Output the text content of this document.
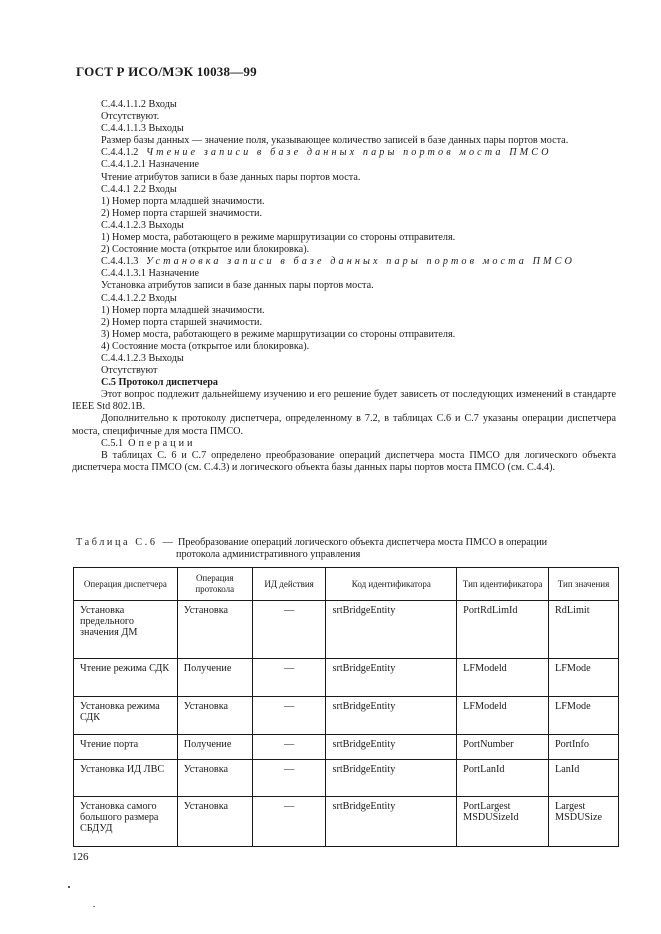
ГОСТ Р ИСО/МЭК 10038—99
С.4.4.1.1.2 Входы
Отсутствуют.
С.4.4.1.1.3 Выходы
Размер базы данных — значение поля, указывающее количество записей в базе данных пары портов моста.
С.4.4.1.2 Чтение записи в базе данных пары портов моста ПМСО
С.4.4.1.2.1 Назначение
Чтение атрибутов записи в базе данных пары портов моста.
С.4.4.1 2.2 Входы
1) Номер порта младшей значимости.
2) Номер порта старшей значимости.
С.4.4.1.2.3 Выходы
1) Номер моста, работающего в режиме маршрутизации со стороны отправителя.
2) Состояние моста (открытое или блокировка).
С.4.4.1.3 Установка записи в базе данных пары портов моста ПМСО
С.4.4.1.3.1 Назначение
Установка атрибутов записи в базе данных пары портов моста.
С.4.4.1.2.2 Входы
1) Номер порта младшей значимости.
2) Номер порта старшей значимости.
3) Номер моста, работающего в режиме маршрутизации со стороны отправителя.
4) Состояние моста (открытое или блокировка).
С.4.4.1.2.3 Выходы
Отсутствуют
С.5 Протокол диспетчера
Этот вопрос подлежит дальнейшему изучению и его решение будет зависеть от последующих изменений в стандарте IEEE Std 802.1В.
Дополнительно к протоколу диспетчера, определенному в 7.2, в таблицах С.6 и С.7 указаны операции диспетчера моста, специфичные для моста ПМСО.
С.5.1 Операции
В таблицах С. 6 и С.7 определено преобразование операций диспетчера моста ПМСО для логического объекта диспетчера моста ПМСО (см. С.4.3) и логического объекта базы данных пары портов моста ПМСО (см. С.4.4).
Таблица С.6 — Преобразование операций логического объекта диспетчера моста ПМСО в операции
протокола административного управления
Операция диспетчера	Операция протокола	ИД действия	Код идентификатора	Тип идентификатора	Тип значения
Установка предельного значения ДМ	Установка	—	srtBridgeEntity	PortRdLimId	RdLimit
Чтение режима СДК	Получение	—	srtBridgeEntity	LFModeld	LFMode
Установка режима СДК	Установка	—	srtBridgeEntity	LFModeld	LFMode
Чтение порта	Получение	—	srtBridgeEntity	PortNumber	PortInfo
Установка ИД ЛВС	Установка	—	srtBridgeEntity	PortLanId	LanId
Установка самого большого размера СБДУД	Установка	—	srtBridgeEntity	PortLargest MSDUSizeId	Largest MSDUSize
126
